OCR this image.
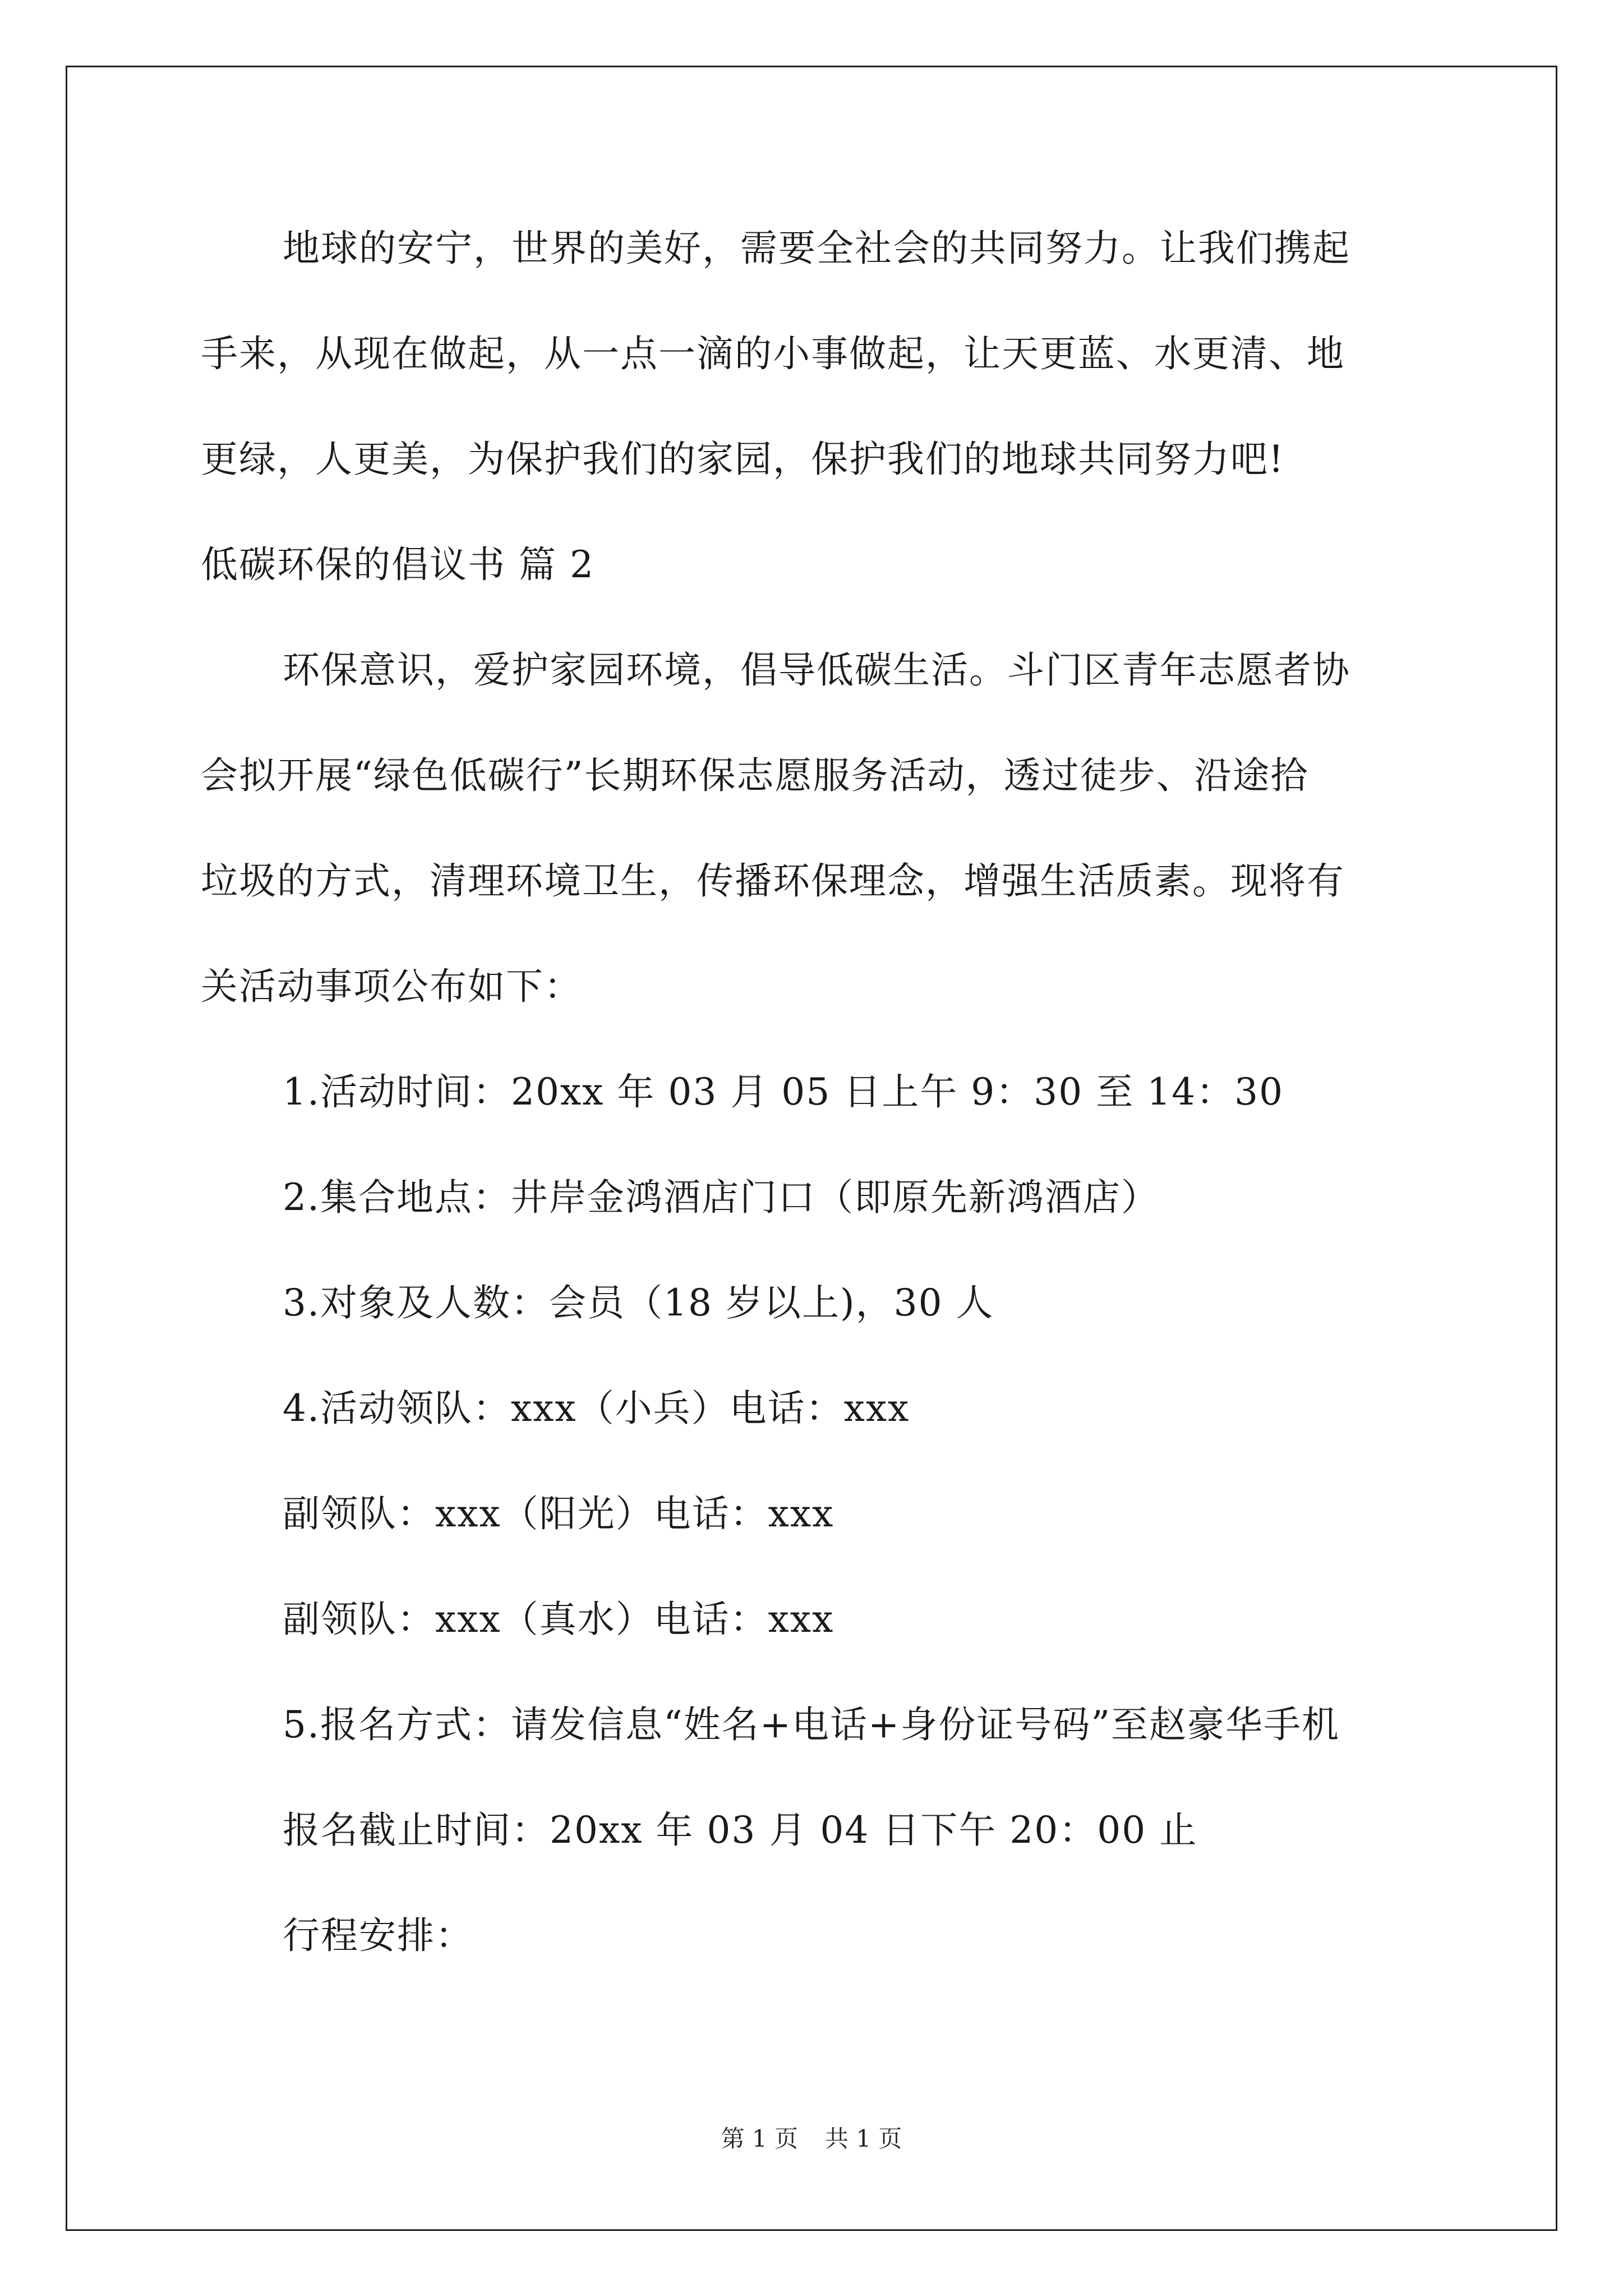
地球的安宁，世界的美好，需要全社会的共同努力。让我们携起
手来，从现在做起，从一点一滴的小事做起，让天更蓝、水更清、地
更绿，人更美，为保护我们的家园，保护我们的地球共同努力吧!
低碳环保的倡议书 篇 2
环保意识，爱护家园环境，倡导低碳生活。斗门区青年志愿者协
会拟开展“绿色低碳行”长期环保志愿服务活动，透过徒步、沿途拾
垃圾的方式，清理环境卫生，传播环保理念，增强生活质素。现将有
关活动事项公布如下：
1.活动时间：20xx 年 03 月 05 日上午 9：30 至 14：30
2.集合地点：井岸金鸿酒店门口（即原先新鸿酒店）
3.对象及人数：会员（18 岁以上)，30 人
4.活动领队：xxx（小兵）电话：xxx
副领队：xxx（阳光）电话：xxx
副领队：xxx（真水）电话：xxx
5.报名方式：请发信息“姓名+电话+身份证号码”至赵豪华手机
报名截止时间：20xx 年 03 月 04 日下午 20：00 止
行程安排：
第 1 页 共 1 页
